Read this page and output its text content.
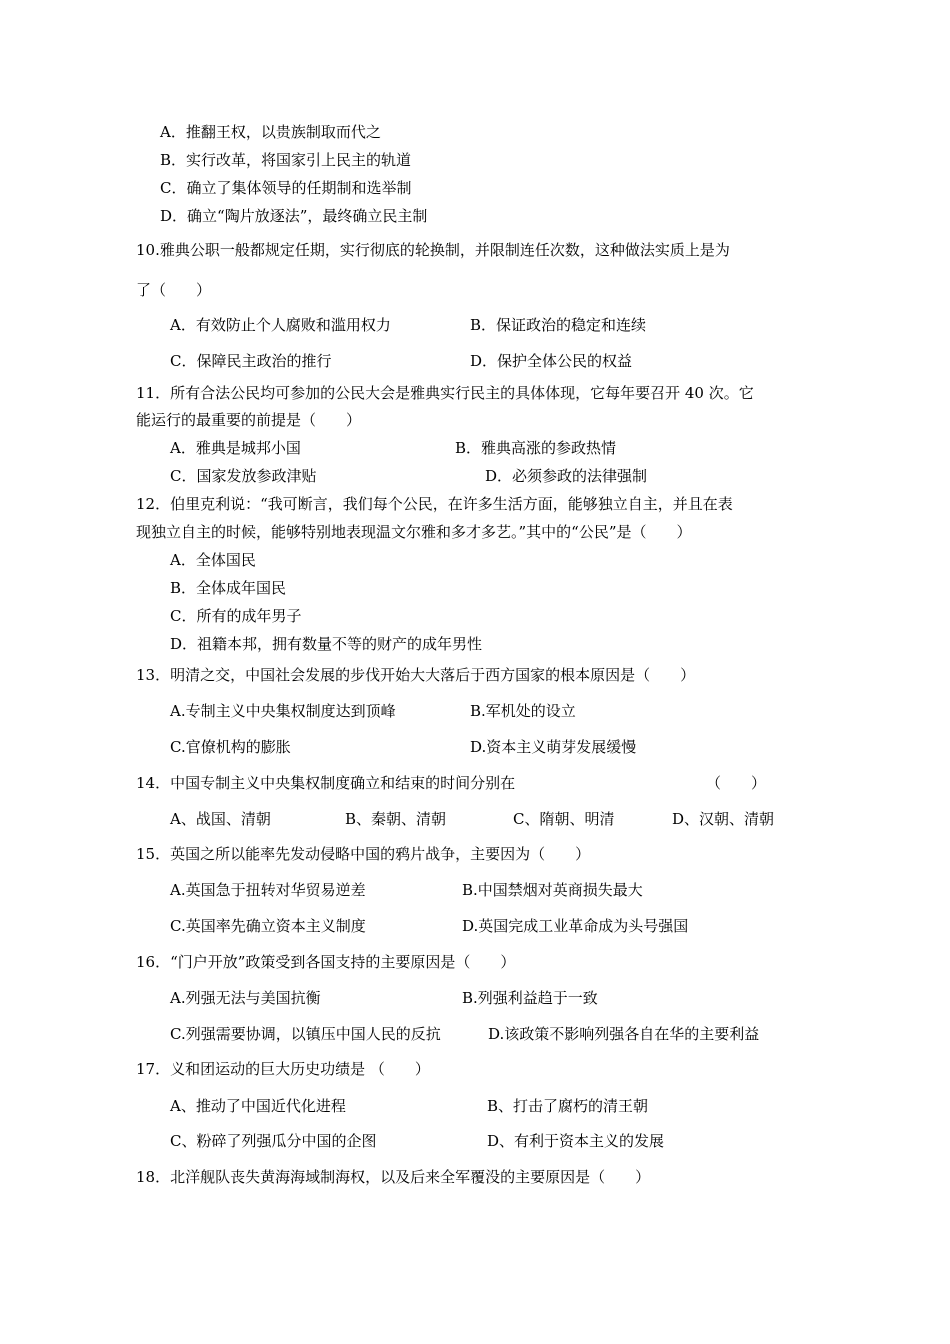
A．推翻王权，以贵族制取而代之
B．实行改革，将国家引上民主的轨道
C．确立了集体领导的任期制和选举制
D．确立“陶片放逐法”，最终确立民主制
10.雅典公职一般都规定任期，实行彻底的轮换制，并限制连任次数，这种做法实质上是为
了（　　）
A．有效防止个人腐败和滥用权力	B．保证政治的稳定和连续
C．保障民主政治的推行	D．保护全体公民的权益
11．所有合法公民均可参加的公民大会是雅典实行民主的具体体现，它每年要召开 40 次。它
能运行的最重要的前提是（　　）
A．雅典是城邦小国	B．雅典高涨的参政热情
C．国家发放参政津贴	D．必须参政的法律强制
12．伯里克利说：“我可断言，我们每个公民，在许多生活方面，能够独立自主，并且在表
现独立自主的时候，能够特别地表现温文尔雅和多才多艺。”其中的“公民”是（　　）
A．全体国民
B．全体成年国民
C．所有的成年男子
D．祖籍本邦，拥有数量不等的财产的成年男性
13．明清之交，中国社会发展的步伐开始大大落后于西方国家的根本原因是（　　）
A.专制主义中央集权制度达到顶峰	B.军机处的设立
C.官僚机构的膨胀	D.资本主义萌芽发展缓慢
14．中国专制主义中央集权制度确立和结束的时间分别在	（　　）
A、战国、清朝	B、秦朝、清朝	C、隋朝、明清	D、汉朝、清朝
15．英国之所以能率先发动侵略中国的鸦片战争，主要因为（　　）
A.英国急于扭转对华贸易逆差	B.中国禁烟对英商损失最大
C.英国率先确立资本主义制度	D.英国完成工业革命成为头号强国
16．“门户开放”政策受到各国支持的主要原因是（　　）
A.列强无法与美国抗衡	B.列强利益趋于一致
C.列强需要协调，以镇压中国人民的反抗	D.该政策不影响列强各自在华的主要利益
17．义和团运动的巨大历史功绩是 （　　）
A、推动了中国近代化进程	B、打击了腐朽的清王朝
C、粉碎了列强瓜分中国的企图	D、有利于资本主义的发展
18．北洋舰队丧失黄海海域制海权，以及后来全军覆没的主要原因是（　　）
